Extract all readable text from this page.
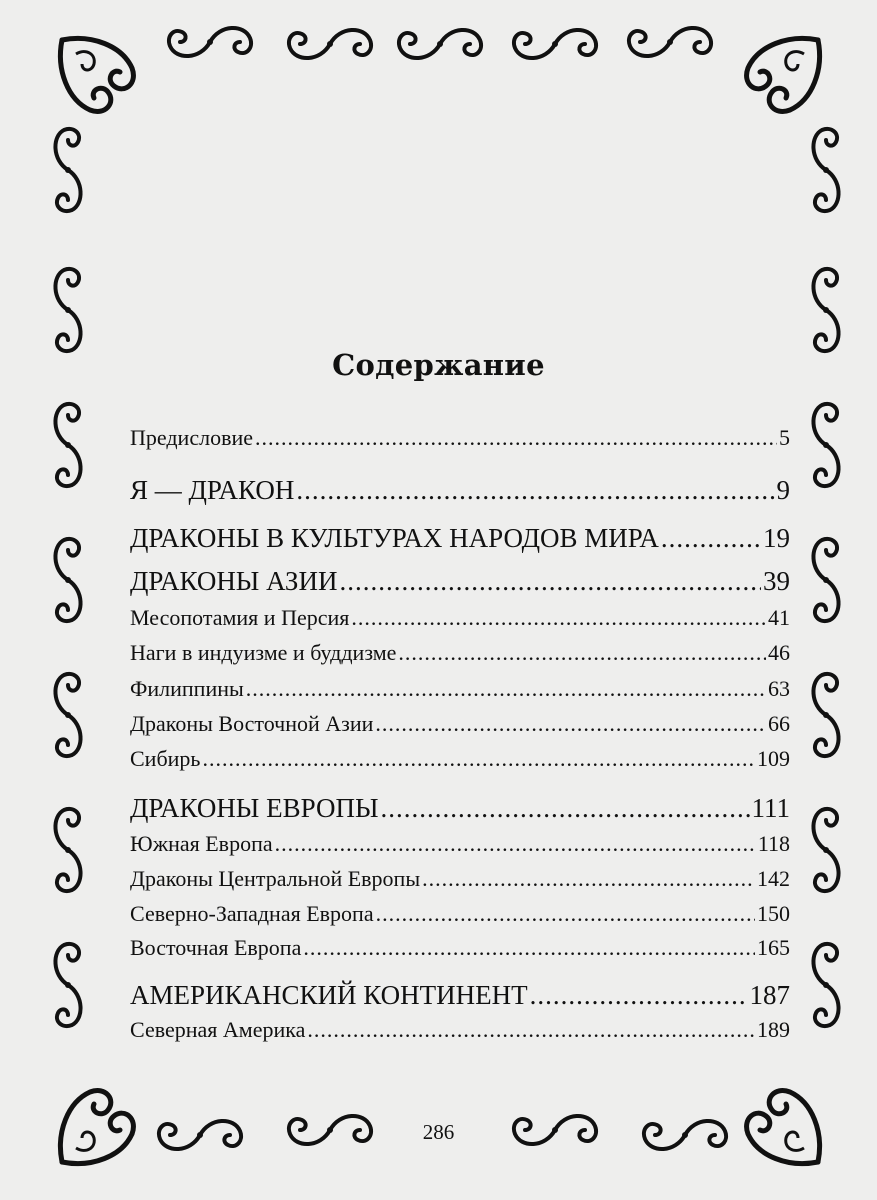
Содержание
Предисловие .....	5
Я — ДРАКОН .....	9
ДРАКОНЫ В КУЛЬТУРАХ НАРОДОВ МИРА .....	19
ДРАКОНЫ АЗИИ .....	39
Месопотамия и Персия .....	41
Наги в индуизме и буддизме .....	46
Филиппины .....	63
Драконы Восточной Азии .....	66
Сибирь .....	109
ДРАКОНЫ ЕВРОПЫ .....	111
Южная Европа .....	118
Драконы Центральной Европы .....	142
Северно-Западная Европа .....	150
Восточная Европа .....	165
АМЕРИКАНСКИЙ КОНТИНЕНТ .....	187
Северная Америка .....	189
286
